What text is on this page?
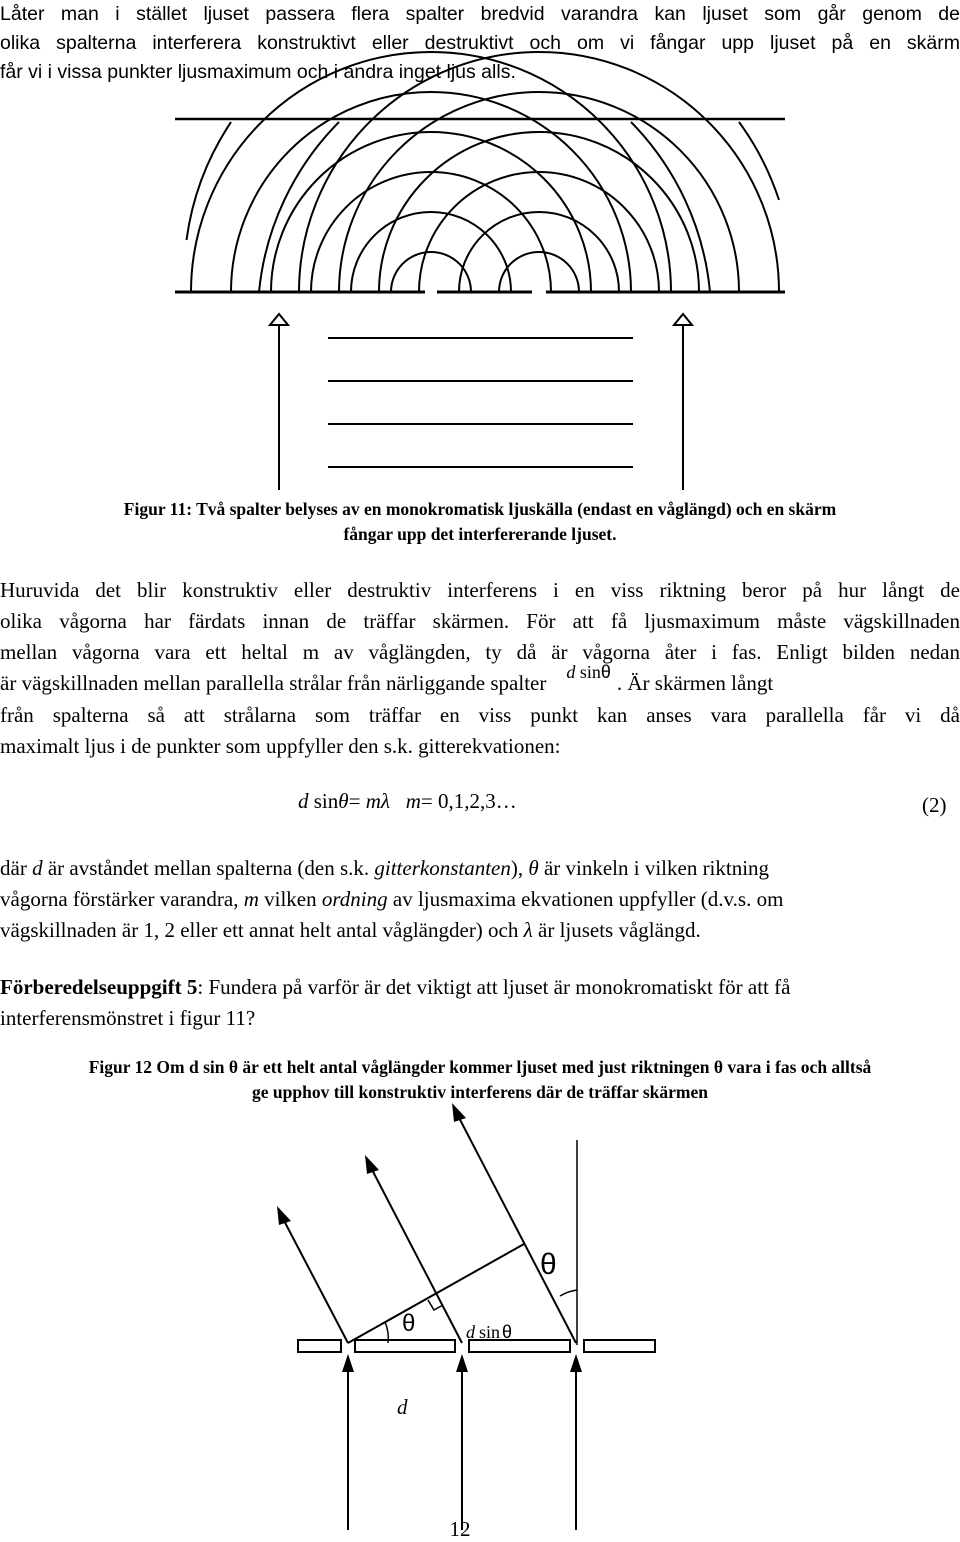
Låter man i stället ljuset passera flera spalter bredvid varandra kan ljuset som går genom de
olika spalterna interferera konstruktivt eller destruktivt och om vi fångar upp ljuset på en skärm
får vi i vissa punkter ljusmaximum och i andra inget ljus alls.
Figur 11: Två spalter belyses av en monokromatisk ljuskälla (endast en våglängd) och en skärm
fångar upp det interfererande ljuset.
Huruvida det blir konstruktiv eller destruktiv interferens i en viss riktning beror på hur långt de
olika vågorna har färdats innan de träffar skärmen. För att få ljusmaximum måste vägskillnaden
mellan vågorna vara ett heltal m av våglängden, ty då är vågorna åter i fas. Enligt bilden nedan
är vägskillnaden mellan parallella strålar från närliggande spalter d sinθ . Är skärmen långt
från spalterna så att strålarna som träffar en viss punkt kan anses vara parallella får vi då
maximalt ljus i de punkter som uppfyller den s.k. gitterekvationen:
d sinθ= mλ m= 0,1,2,3…	(2)
där d är avståndet mellan spalterna (den s.k. gitterkonstanten), θ är vinkeln i vilken riktning
vågorna förstärker varandra, m vilken ordning av ljusmaxima ekvationen uppfyller (d.v.s. om
vägskillnaden är 1, 2 eller ett annat helt antal våglängder) och λ är ljusets våglängd.
Förberedelseuppgift 5: Fundera på varför är det viktigt att ljuset är monokromatiskt för att få
interferensmönstret i figur 11?
Figur 12 Om d sin θ är ett helt antal våglängder kommer ljuset med just riktningen θ vara i fas och alltså
ge upphov till konstruktiv interferens där de träffar skärmen
θ
θ
d
d sin θ
12
